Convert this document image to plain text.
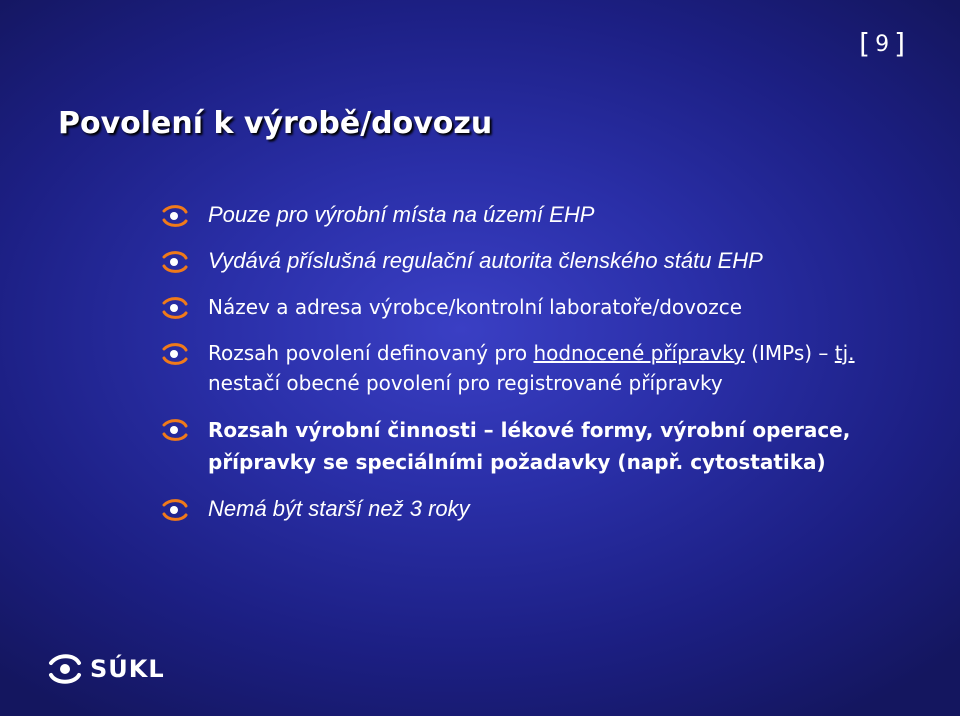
[ 9 ]
Povolení k výrobě/dovozu
Pouze pro výrobní místa na území EHP
Vydává příslušná regulační autorita členského státu EHP
Název a adresa výrobce/kontrolní laboratoře/dovozce
Rozsah povolení definovaný pro hodnocené přípravky (IMPs) – tj. nestačí obecné povolení pro registrované přípravky
Rozsah výrobní činnosti – lékové formy, výrobní operace, přípravky se speciálními požadavky (např. cytostatika)
Nemá být starší než 3 roky
SÚKL
